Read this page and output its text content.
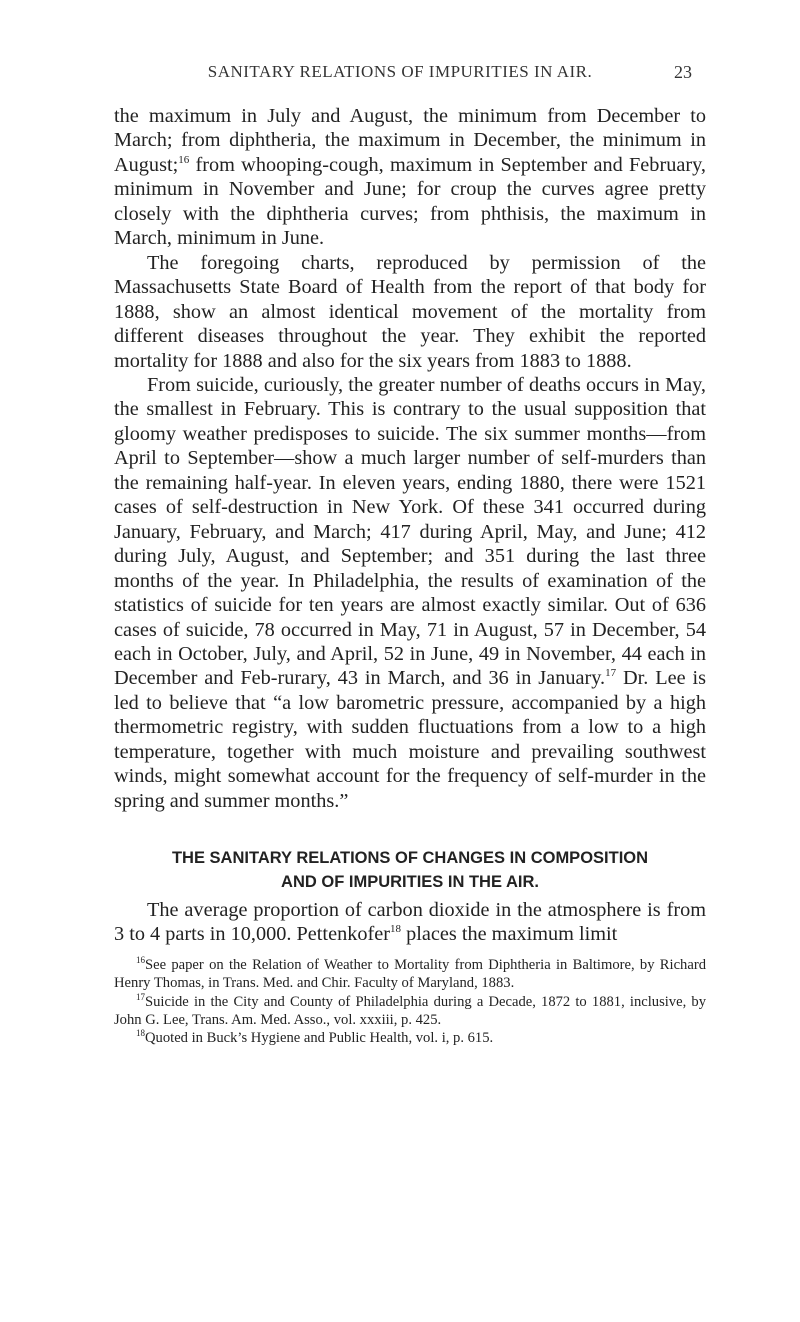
SANITARY RELATIONS OF IMPURITIES IN AIR.	23

the maximum in July and August, the minimum from December to March; from diphtheria, the maximum in December, the minimum in August;$^{16}$ from whooping-cough, maximum in September and February, minimum in November and June; for croup the curves agree pretty closely with the diphtheria curves; from phthisis, the maximum in March, minimum in June.

The foregoing charts, reproduced by permission of the Massachusetts State Board of Health from the report of that body for 1888, show an almost identical movement of the mortality from different diseases throughout the year. They exhibit the reported mortality for 1888 and also for the six years from 1883 to 1888.

From suicide, curiously, the greater number of deaths occurs in May, the smallest in February. This is contrary to the usual supposition that gloomy weather predisposes to suicide. The six summer months—from April to September—show a much larger number of self-murders than the remaining half-year. In eleven years, ending 1880, there were 1521 cases of self-destruction in New York. Of these 341 occurred during January, February, and March; 417 during April, May, and June; 412 during July, August, and September; and 351 during the last three months of the year. In Philadelphia, the results of examination of the statistics of suicide for ten years are almost exactly similar. Out of 636 cases of suicide, 78 occurred in May, 71 in August, 57 in December, 54 each in October, July, and April, 52 in June, 49 in November, 44 each in December and Feb-rurary, 43 in March, and 36 in January.$^{17}$ Dr. Lee is led to believe that “a low barometric pressure, accompanied by a high thermometric registry, with sudden fluctuations from a low to a high temperature, together with much moisture and prevailing southwest winds, might somewhat account for the frequency of self-murder in the spring and summer months.”

THE SANITARY RELATIONS OF CHANGES IN COMPOSITION
AND OF IMPURITIES IN THE AIR.

The average proportion of carbon dioxide in the atmosphere is from 3 to 4 parts in 10,000. Pettenkofer$^{18}$ places the maximum limit

$^{16}$See paper on the Relation of Weather to Mortality from Diphtheria in Baltimore, by Richard Henry Thomas, in Trans. Med. and Chir. Faculty of Maryland, 1883.

$^{17}$Suicide in the City and County of Philadelphia during a Decade, 1872 to 1881, inclusive, by John G. Lee, Trans. Am. Med. Asso., vol. xxxiii, p. 425.

$^{18}$Quoted in Buck’s Hygiene and Public Health, vol. i, p. 615.
